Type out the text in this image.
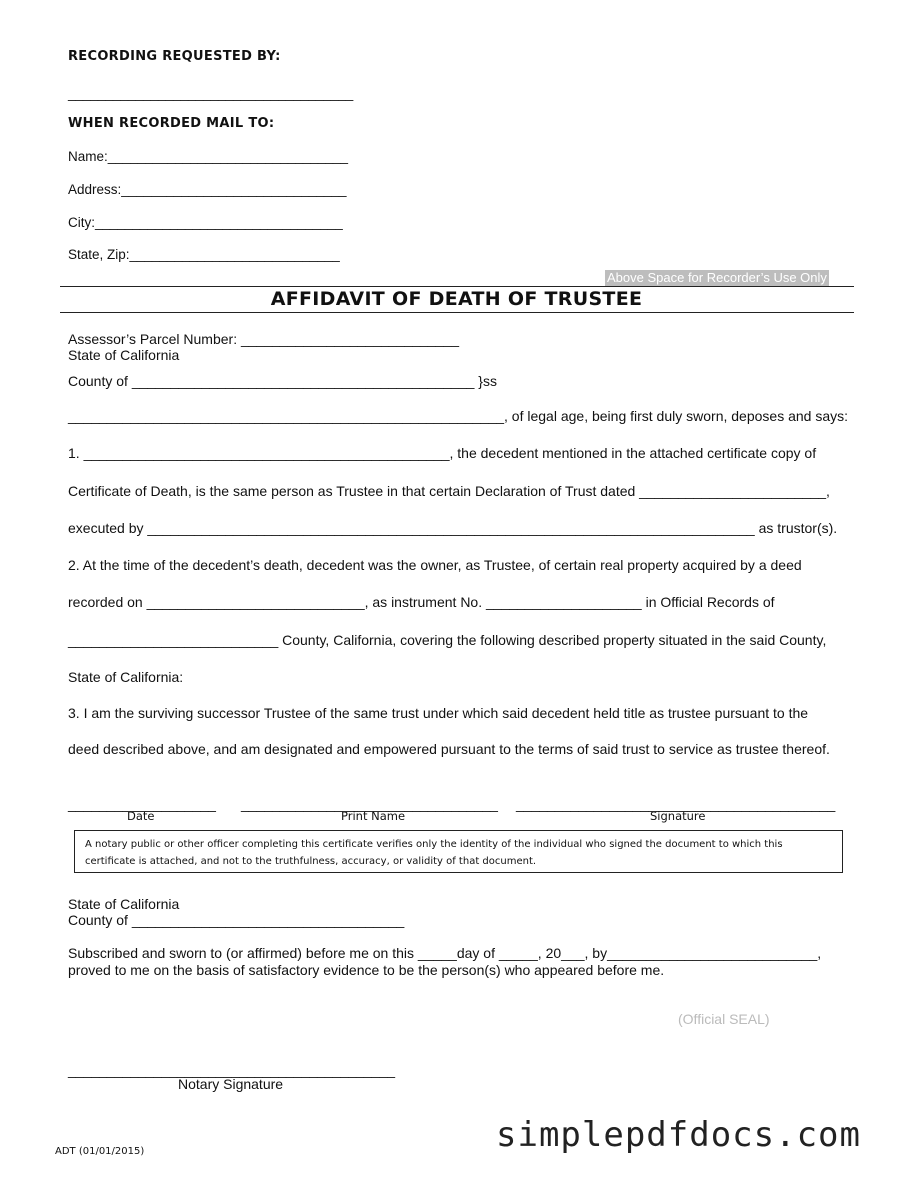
RECORDING REQUESTED BY:
______________________________________
WHEN RECORDED MAIL TO:
Name:________________________________
Address:______________________________
City:_________________________________
State, Zip:____________________________
Above Space for Recorder’s Use Only
AFFIDAVIT OF DEATH OF TRUSTEE
Assessor’s Parcel Number: ____________________________
State of California
County of ____________________________________________ }ss
________________________________________________________, of legal age, being first duly sworn, deposes and says:
1. _______________________________________________, the decedent mentioned in the attached certificate copy of
Certificate of Death, is the same person as Trustee in that certain Declaration of Trust dated ________________________,
executed by ______________________________________________________________________________ as trustor(s).
2. At the time of the decedent’s death, decedent was the owner, as Trustee, of certain real property acquired by a deed
recorded on ____________________________, as instrument No. ____________________ in Official Records of
___________________________ County, California, covering the following described property situated in the said County,
State of California:
3. I am the surviving successor Trustee of the same trust under which said decedent held title as trustee pursuant to the
deed described above, and am designated and empowered pursuant to the terms of said trust to service as trustee thereof.
___________________ _________________________________ _________________________________________
Date	Print Name	Signature
A notary public or other officer completing this certificate verifies only the identity of the individual who signed the document to which this certificate is attached, and not to the truthfulness, accuracy, or validity of that document.
State of California
County of ___________________________________
Subscribed and sworn to (or affirmed) before me on this _____day of _____, 20___, by___________________________,
proved to me on the basis of satisfactory evidence to be the person(s) who appeared before me.
(Official SEAL)
__________________________________________
Notary Signature
ADT (01/01/2015)	simplepdfdocs.com
